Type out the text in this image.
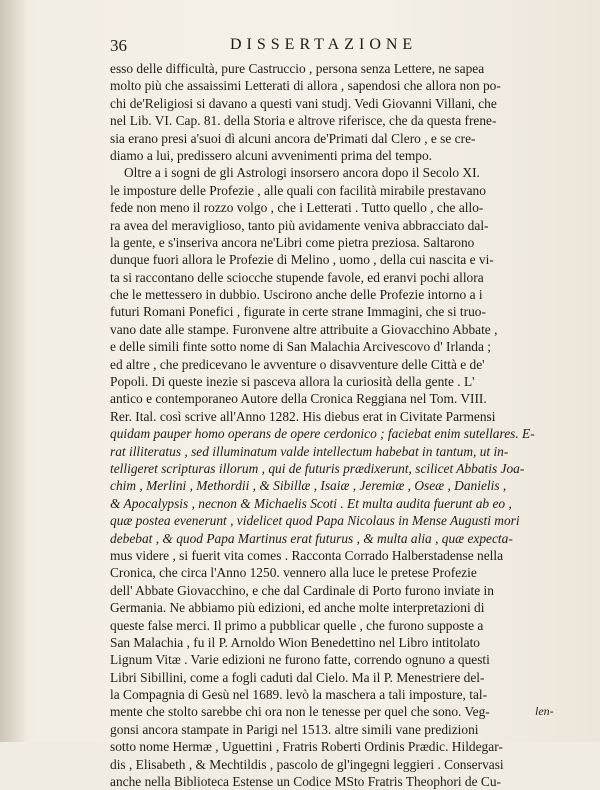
36	DISSERTAZIONE
esso delle difficultà, pure Castruccio , persona senza Lettere, ne sapea
molto più che assaissimi Letterati di allora , sapendosi che allora non po-
chi de'Religiosi si davano a questi vani studj. Vedi Giovanni Villani, che
nel Lib. VI. Cap. 81. della Storia e altrove riferisce, che da questa frene-
sia erano presi a'suoi dì alcuni ancora de'Primati dal Clero , e se cre-
diamo a lui, predissero alcuni avvenimenti prima del tempo.
Oltre a i sogni de gli Astrologi insorsero ancora dopo il Secolo XI.
le imposture delle Profezie , alle quali con facilità mirabile prestavano
fede non meno il rozzo volgo , che i Letterati . Tutto quello , che allo-
ra avea del meraviglioso, tanto più avidamente veniva abbracciato dal-
la gente, e s'inseriva ancora ne'Libri come pietra preziosa. Saltarono
dunque fuori allora le Profezie di Melino , uomo , della cui nascita e vi-
ta si raccontano delle sciocche stupende favole, ed eranvi pochi allora
che le mettessero in dubbio. Uscirono anche delle Profezie intorno a i
futuri Romani Ponefici , figurate in certe strane Immagini, che si truo-
vano date alle stampe. Furonvene altre attribuite a Giovacchino Abbate ,
e delle simili finte sotto nome di San Malachia Arcivescovo d' Irlanda ;
ed altre , che predicevano le avventure o disavventure delle Città e de'
Popoli. Di queste inezie si pasceva allora la curiosità della gente . L'
antico e contemporaneo Autore della Cronica Reggiana nel Tom. VIII.
Rer. Ital. così scrive all'Anno 1282. His diebus erat in Civitate Parmensi
quidam pauper homo operans de opere cerdonico ; faciebat enim sutellares. E-
rat illiteratus , sed illuminatum valde intellectum habebat in tantum, ut in-
telligeret scripturas illorum , qui de futuris prædixerunt, scilicet Abbatis Joa-
chim , Merlini , Methordii , & Sibillæ , Isaiæ , Jeremiæ , Oseæ , Danielis ,
& Apocalypsis , necnon & Michaelis Scoti . Et multa audita fuerunt ab eo ,
quæ postea evenerunt , videlicet quod Papa Nicolaus in Mense Augusti mori
debebat , & quod Papa Martinus erat futurus , & multa alia , quæ expecta-
mus videre , si fuerit vita comes . Racconta Corrado Halberstadense nella
Cronica, che circa l'Anno 1250. vennero alla luce le pretese Profezie
dell' Abbate Giovacchino, e che dal Cardinale di Porto furono inviate in
Germania. Ne abbiamo più edizioni, ed anche molte interpretazioni di
queste false merci. Il primo a pubblicar quelle , che furono supposte a
San Malachia , fu il P. Arnoldo Wion Benedettino nel Libro intitolato
Lignum Vitæ . Varie edizioni ne furono fatte, correndo ognuno a questi
Libri Sibillini, come a fogli caduti dal Cielo. Ma il P. Menestriere del-
la Compagnia di Gesù nel 1689. levò la maschera a tali imposture, tal-
mente che stolto sarebbe chi ora non le tenesse per quel che sono. Veg-
gonsi ancora stampate in Parigi nel 1513. altre simili vane predizioni
sotto nome Hermæ , Uguettini , Fratris Roberti Ordinis Prædic. Hildegar-
dis , Elisabeth , & Mechtildis , pascolo de gl'ingegni leggieri . Conservasi
anche nella Biblioteca Estense un Codice MSto Fratris Theophori de Cu-
len-
